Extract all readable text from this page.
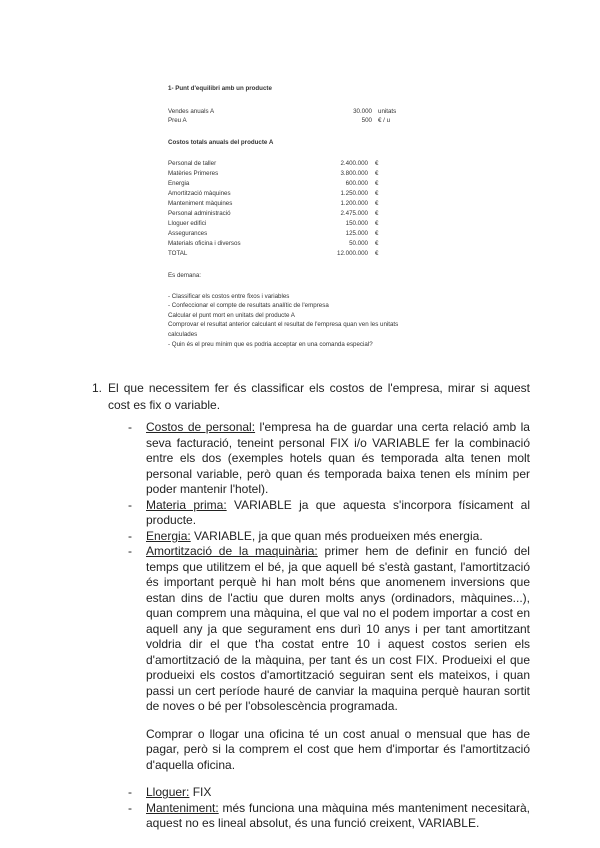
1- Punt d'equilibri amb un producte
Vendes anuals A	30.000 unitats
Preu A	500 € / u
Costos totals anuals del producte A
Personal de taller	2.400.000 €
Matèries Primeres	3.800.000 €
Energia	600.000 €
Amortització màquines	1.250.000 €
Manteniment màquines	1.200.000 €
Personal administració	2.475.000 €
Lloguer edifici	150.000 €
Assegurances	125.000 €
Materials oficina i diversos	50.000 €
TOTAL	12.000.000 €
Es demana:
- Classificar els costos entre fixos i variables
- Confeccionar el compte de resultats analític de l'empresa
Calcular el punt mort en unitats del producte A
Comprovar el resultat anterior calculant el resultat de l'empresa quan ven les unitats
calculades
- Quin és el preu mínim que es podria acceptar en una comanda especial?
1. El que necessitem fer és classificar els costos de l'empresa, mirar si aquest cost es fix o variable.

- Costos de personal: l'empresa ha de guardar una certa relació amb la seva facturació, teneint personal FIX i/o VARIABLE fer la combinació entre els dos (exemples hotels quan és temporada alta tenen molt personal variable, però quan és temporada baixa tenen els mínim per poder mantenir l'hotel).

- Materia prima: VARIABLE ja que aquesta s'incorpora físicament al producte.

- Energia: VARIABLE, ja que quan més produeixen més energia.

- Amortització de la maquinària: primer hem de definir en funció del temps que utilitzem el bé, ja que aquell bé s'està gastant, l'amortització és important perquè hi han molt béns que anomenem inversions que estan dins de l'actiu que duren molts anys (ordinadors, màquines...), quan comprem una màquina, el que val no el podem importar a cost en aquell any ja que segurament ens durì 10 anys i per tant amortitzant voldria dir el que t'ha costat entre 10 i aquest costos serien els d'amortització de la màquina, per tant és un cost FIX. Produeixi el que produeixi els costos d'amortització seguiran sent els mateixos, i quan passi un cert període hauré de canviar la maquina perquè hauran sortit de noves o bé per l'obsolescència programada.

Comprar o llogar una oficina té un cost anual o mensual que has de pagar, però si la comprem el cost que hem d'importar és l'amortització d'aquella oficina.

- Lloguer: FIX

- Manteniment: més funciona una màquina més manteniment necesitarà, aquest no es lineal absolut, és una funció creixent, VARIABLE.
